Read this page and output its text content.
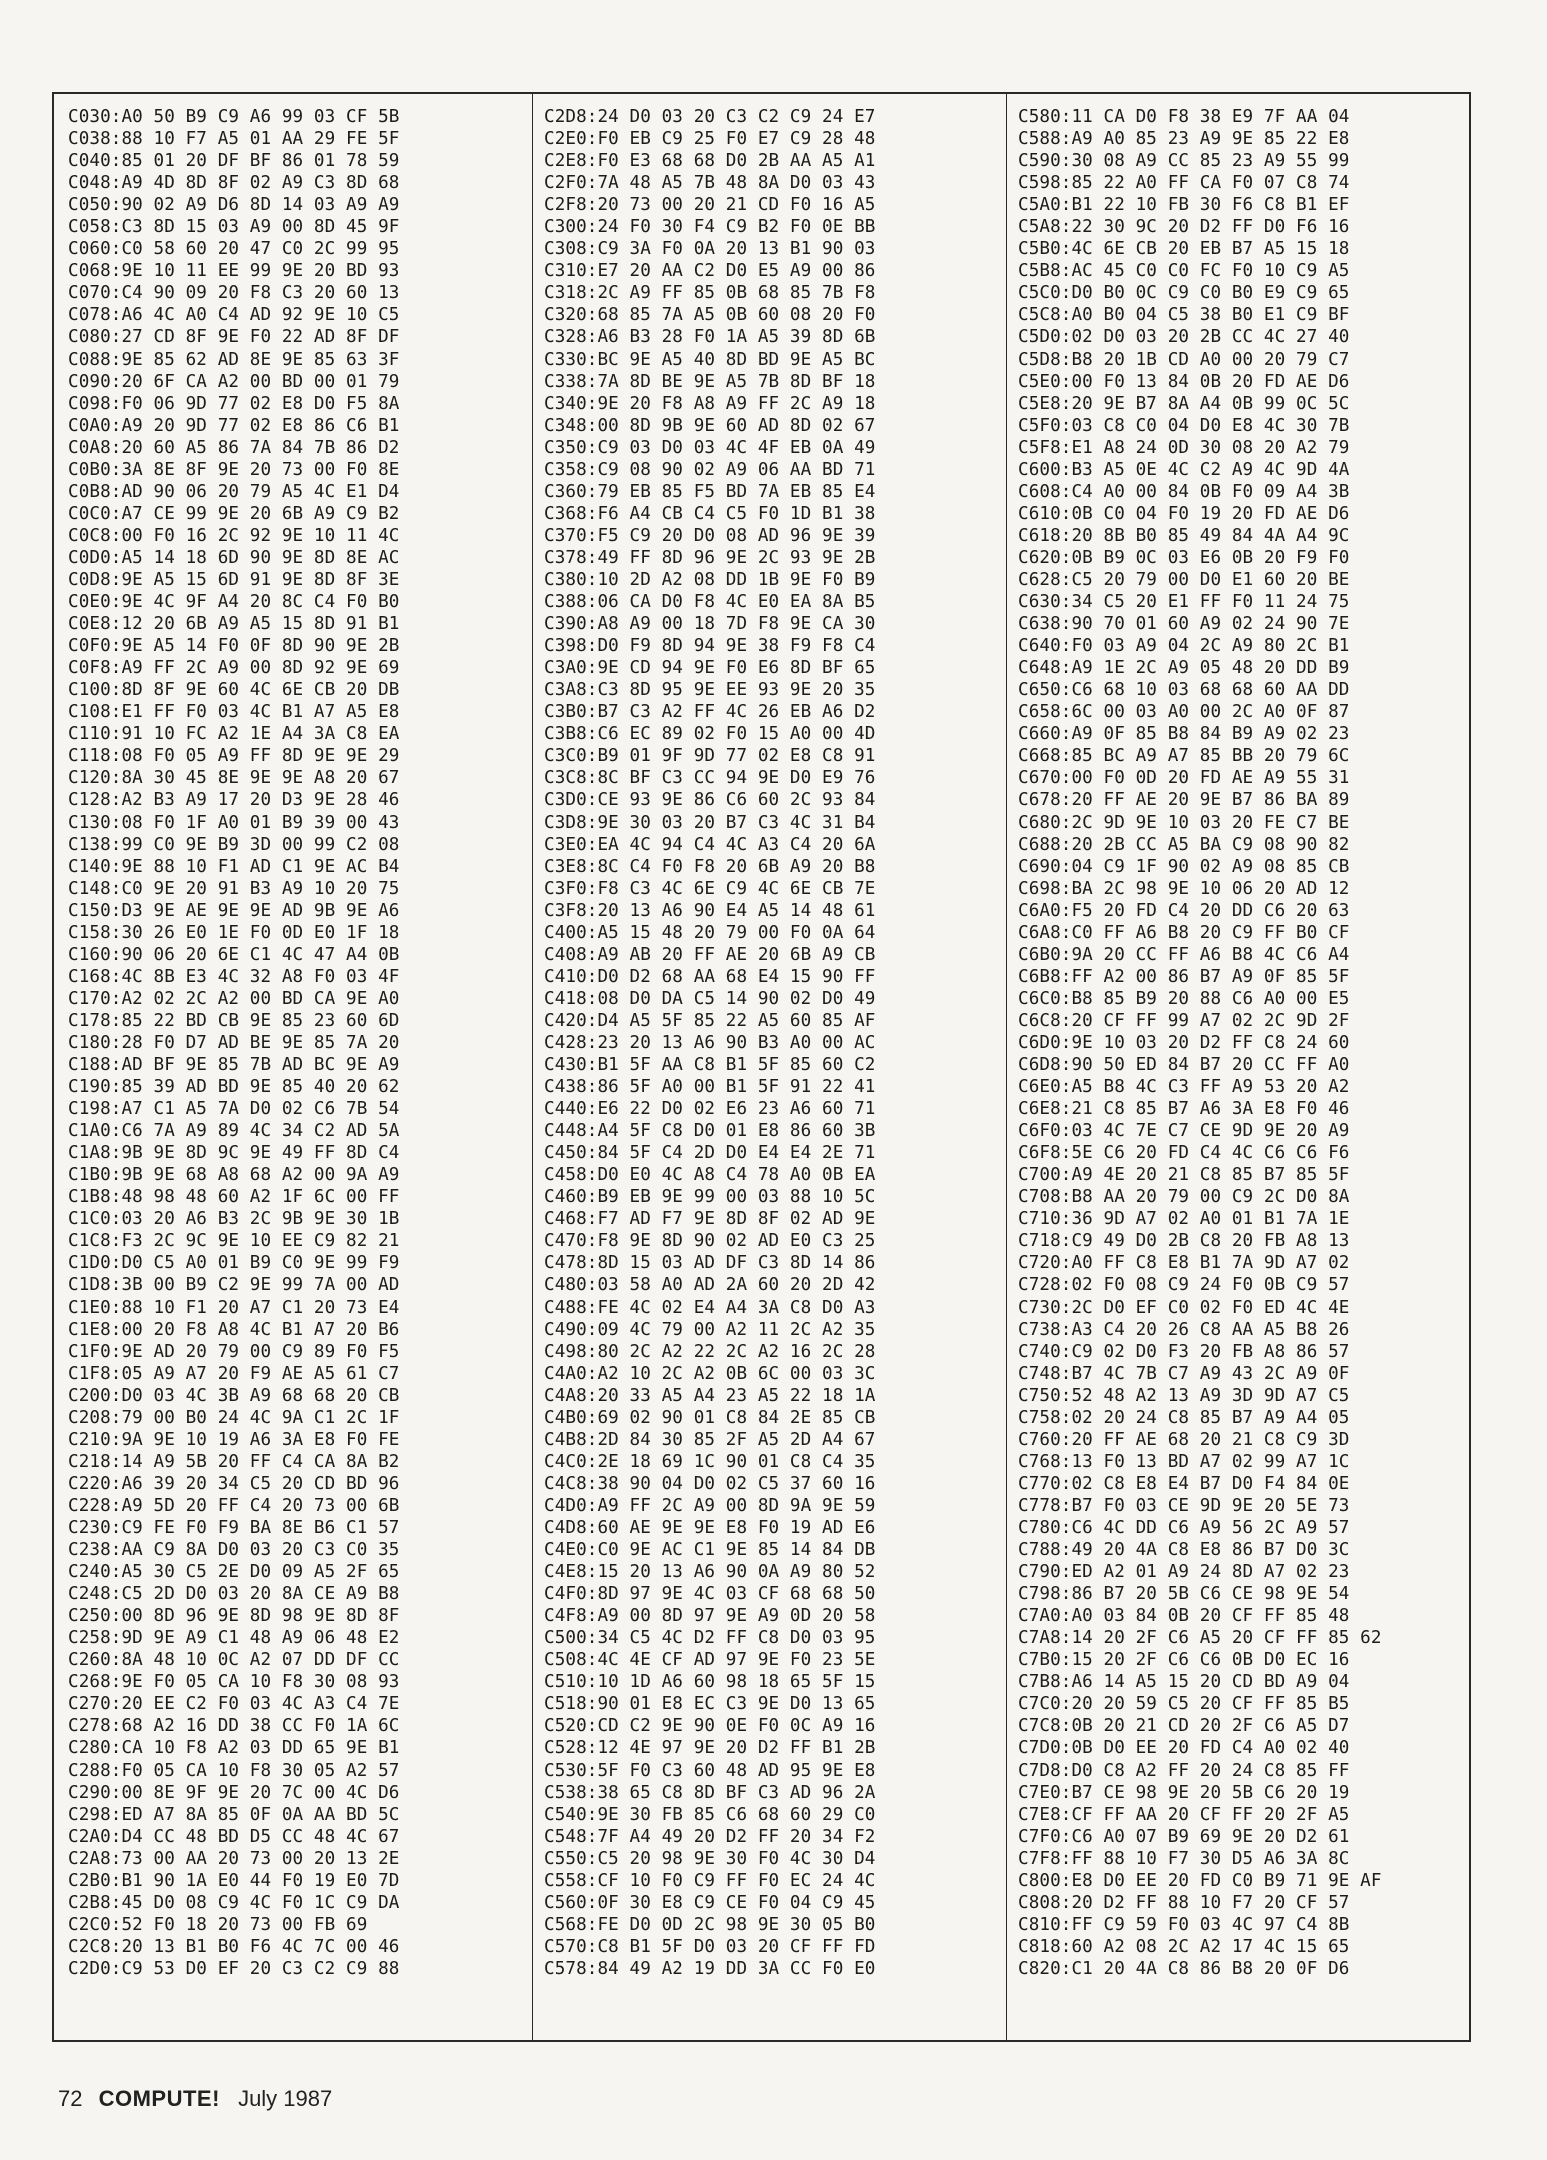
C030:A0 50 B9 C9 A6 99 03 CF 5B
C038:88 10 F7 A5 01 AA 29 FE 5F
C040:85 01 20 DF BF 86 01 78 59
C048:A9 4D 8D 8F 02 A9 C3 8D 68
C050:90 02 A9 D6 8D 14 03 A9 A9
C058:C3 8D 15 03 A9 00 8D 45 9F
C060:C0 58 60 20 47 C0 2C 99 95
C068:9E 10 11 EE 99 9E 20 BD 93
C070:C4 90 09 20 F8 C3 20 60 13
C078:A6 4C A0 C4 AD 92 9E 10 C5
C080:27 CD 8F 9E F0 22 AD 8F DF
C088:9E 85 62 AD 8E 9E 85 63 3F
C090:20 6F CA A2 00 BD 00 01 79
C098:F0 06 9D 77 02 E8 D0 F5 8A
C0A0:A9 20 9D 77 02 E8 86 C6 B1
C0A8:20 60 A5 86 7A 84 7B 86 D2
C0B0:3A 8E 8F 9E 20 73 00 F0 8E
C0B8:AD 90 06 20 79 A5 4C E1 D4
C0C0:A7 CE 99 9E 20 6B A9 C9 B2
C0C8:00 F0 16 2C 92 9E 10 11 4C
C0D0:A5 14 18 6D 90 9E 8D 8E AC
C0D8:9E A5 15 6D 91 9E 8D 8F 3E
C0E0:9E 4C 9F A4 20 8C C4 F0 B0
C0E8:12 20 6B A9 A5 15 8D 91 B1
C0F0:9E A5 14 F0 0F 8D 90 9E 2B
C0F8:A9 FF 2C A9 00 8D 92 9E 69
C100:8D 8F 9E 60 4C 6E CB 20 DB
C108:E1 FF F0 03 4C B1 A7 A5 E8
C110:91 10 FC A2 1E A4 3A C8 EA
C118:08 F0 05 A9 FF 8D 9E 9E 29
C120:8A 30 45 8E 9E 9E A8 20 67
C128:A2 B3 A9 17 20 D3 9E 28 46
C130:08 F0 1F A0 01 B9 39 00 43
C138:99 C0 9E B9 3D 00 99 C2 08
C140:9E 88 10 F1 AD C1 9E AC B4
C148:C0 9E 20 91 B3 A9 10 20 75
C150:D3 9E AE 9E 9E AD 9B 9E A6
C158:30 26 E0 1E F0 0D E0 1F 18
C160:90 06 20 6E C1 4C 47 A4 0B
C168:4C 8B E3 4C 32 A8 F0 03 4F
C170:A2 02 2C A2 00 BD CA 9E A0
C178:85 22 BD CB 9E 85 23 60 6D
C180:28 F0 D7 AD BE 9E 85 7A 20
C188:AD BF 9E 85 7B AD BC 9E A9
C190:85 39 AD BD 9E 85 40 20 62
C198:A7 C1 A5 7A D0 02 C6 7B 54
C1A0:C6 7A A9 89 4C 34 C2 AD 5A
C1A8:9B 9E 8D 9C 9E 49 FF 8D C4
C1B0:9B 9E 68 A8 68 A2 00 9A A9
C1B8:48 98 48 60 A2 1F 6C 00 FF
C1C0:03 20 A6 B3 2C 9B 9E 30 1B
C1C8:F3 2C 9C 9E 10 EE C9 82 21
C1D0:D0 C5 A0 01 B9 C0 9E 99 F9
C1D8:3B 00 B9 C2 9E 99 7A 00 AD
C1E0:88 10 F1 20 A7 C1 20 73 E4
C1E8:00 20 F8 A8 4C B1 A7 20 B6
C1F0:9E AD 20 79 00 C9 89 F0 F5
C1F8:05 A9 A7 20 F9 AE A5 61 C7
C200:D0 03 4C 3B A9 68 68 20 CB
C208:79 00 B0 24 4C 9A C1 2C 1F
C210:9A 9E 10 19 A6 3A E8 F0 FE
C218:14 A9 5B 20 FF C4 CA 8A B2
C220:A6 39 20 34 C5 20 CD BD 96
C228:A9 5D 20 FF C4 20 73 00 6B
C230:C9 FE F0 F9 BA 8E B6 C1 57
C238:AA C9 8A D0 03 20 C3 C0 35
C240:A5 30 C5 2E D0 09 A5 2F 65
C248:C5 2D D0 03 20 8A CE A9 B8
C250:00 8D 96 9E 8D 98 9E 8D 8F
C258:9D 9E A9 C1 48 A9 06 48 E2
C260:8A 48 10 0C A2 07 DD DF CC
C268:9E F0 05 CA 10 F8 30 08 93
C270:20 EE C2 F0 03 4C A3 C4 7E
C278:68 A2 16 DD 38 CC F0 1A 6C
C280:CA 10 F8 A2 03 DD 65 9E B1
C288:F0 05 CA 10 F8 30 05 A2 57
C290:00 8E 9F 9E 20 7C 00 4C D6
C298:ED A7 8A 85 0F 0A AA BD 5C
C2A0:D4 CC 48 BD D5 CC 48 4C 67
C2A8:73 00 AA 20 73 00 20 13 2E
C2B0:B1 90 1A E0 44 F0 19 E0 7D
C2B8:45 D0 08 C9 4C F0 1C C9 DA
C2C0:52 F0 18 20 73 00 FB 69
C2C8:20 13 B1 B0 F6 4C 7C 00 46
C2D0:C9 53 D0 EF 20 C3 C2 C9 88
C2D8:24 D0 03 20 C3 C2 C9 24 E7
C2E0:F0 EB C9 25 F0 E7 C9 28 48
C2E8:F0 E3 68 68 D0 2B AA A5 A1
C2F0:7A 48 A5 7B 48 8A D0 03 43
C2F8:20 73 00 20 21 CD F0 16 A5
C300:24 F0 30 F4 C9 B2 F0 0E BB
C308:C9 3A F0 0A 20 13 B1 90 03
C310:E7 20 AA C2 D0 E5 A9 00 86
C318:2C A9 FF 85 0B 68 85 7B F8
C320:68 85 7A A5 0B 60 08 20 F0
C328:A6 B3 28 F0 1A A5 39 8D 6B
C330:BC 9E A5 40 8D BD 9E A5 BC
C338:7A 8D BE 9E A5 7B 8D BF 18
C340:9E 20 F8 A8 A9 FF 2C A9 18
C348:00 8D 9B 9E 60 AD 8D 02 67
C350:C9 03 D0 03 4C 4F EB 0A 49
C358:C9 08 90 02 A9 06 AA BD 71
C360:79 EB 85 F5 BD 7A EB 85 E4
C368:F6 A4 CB C4 C5 F0 1D B1 38
C370:F5 C9 20 D0 08 AD 96 9E 39
C378:49 FF 8D 96 9E 2C 93 9E 2B
C380:10 2D A2 08 DD 1B 9E F0 B9
C388:06 CA D0 F8 4C E0 EA 8A B5
C390:A8 A9 00 18 7D F8 9E CA 30
C398:D0 F9 8D 94 9E 38 F9 F8 C4
C3A0:9E CD 94 9E F0 E6 8D BF 65
C3A8:C3 8D 95 9E EE 93 9E 20 35
C3B0:B7 C3 A2 FF 4C 26 EB A6 D2
C3B8:C6 EC 89 02 F0 15 A0 00 4D
C3C0:B9 01 9F 9D 77 02 E8 C8 91
C3C8:8C BF C3 CC 94 9E D0 E9 76
C3D0:CE 93 9E 86 C6 60 2C 93 84
C3D8:9E 30 03 20 B7 C3 4C 31 B4
C3E0:EA 4C 94 C4 4C A3 C4 20 6A
C3E8:8C C4 F0 F8 20 6B A9 20 B8
C3F0:F8 C3 4C 6E C9 4C 6E CB 7E
C3F8:20 13 A6 90 E4 A5 14 48 61
C400:A5 15 48 20 79 00 F0 0A 64
C408:A9 AB 20 FF AE 20 6B A9 CB
C410:D0 D2 68 AA 68 E4 15 90 FF
C418:08 D0 DA C5 14 90 02 D0 49
C420:D4 A5 5F 85 22 A5 60 85 AF
C428:23 20 13 A6 90 B3 A0 00 AC
C430:B1 5F AA C8 B1 5F 85 60 C2
C438:86 5F A0 00 B1 5F 91 22 41
C440:E6 22 D0 02 E6 23 A6 60 71
C448:A4 5F C8 D0 01 E8 86 60 3B
C450:84 5F C4 2D D0 E4 E4 2E 71
C458:D0 E0 4C A8 C4 78 A0 0B EA
C460:B9 EB 9E 99 00 03 88 10 5C
C468:F7 AD F7 9E 8D 8F 02 AD 9E
C470:F8 9E 8D 90 02 AD E0 C3 25
C478:8D 15 03 AD DF C3 8D 14 86
C480:03 58 A0 AD 2A 60 20 2D 42
C488:FE 4C 02 E4 A4 3A C8 D0 A3
C490:09 4C 79 00 A2 11 2C A2 35
C498:80 2C A2 22 2C A2 16 2C 28
C4A0:A2 10 2C A2 0B 6C 00 03 3C
C4A8:20 33 A5 A4 23 A5 22 18 1A
C4B0:69 02 90 01 C8 84 2E 85 CB
C4B8:2D 84 30 85 2F A5 2D A4 67
C4C0:2E 18 69 1C 90 01 C8 C4 35
C4C8:38 90 04 D0 02 C5 37 60 16
C4D0:A9 FF 2C A9 00 8D 9A 9E 59
C4D8:60 AE 9E 9E E8 F0 19 AD E6
C4E0:C0 9E AC C1 9E 85 14 84 DB
C4E8:15 20 13 A6 90 0A A9 80 52
C4F0:8D 97 9E 4C 03 CF 68 68 50
C4F8:A9 00 8D 97 9E A9 0D 20 58
C500:34 C5 4C D2 FF C8 D0 03 95
C508:4C 4E CF AD 97 9E F0 23 5E
C510:10 1D A6 60 98 18 65 5F 15
C518:90 01 E8 EC C3 9E D0 13 65
C520:CD C2 9E 90 0E F0 0C A9 16
C528:12 4E 97 9E 20 D2 FF B1 2B
C530:5F F0 C3 60 48 AD 95 9E E8
C538:38 65 C8 8D BF C3 AD 96 2A
C540:9E 30 FB 85 C6 68 60 29 C0
C548:7F A4 49 20 D2 FF 20 34 F2
C550:C5 20 98 9E 30 F0 4C 30 D4
C558:CF 10 F0 C9 FF F0 EC 24 4C
C560:0F 30 E8 C9 CE F0 04 C9 45
C568:FE D0 0D 2C 98 9E 30 05 B0
C570:C8 B1 5F D0 03 20 CF FF FD
C578:84 49 A2 19 DD 3A CC F0 E0
C580:11 CA D0 F8 38 E9 7F AA 04
C588:A9 A0 85 23 A9 9E 85 22 E8
C590:30 08 A9 CC 85 23 A9 55 99
C598:85 22 A0 FF CA F0 07 C8 74
C5A0:B1 22 10 FB 30 F6 C8 B1 EF
C5A8:22 30 9C 20 D2 FF D0 F6 16
C5B0:4C 6E CB 20 EB B7 A5 15 18
C5B8:AC 45 C0 C0 FC F0 10 C9 A5
C5C0:D0 B0 0C C9 C0 B0 E9 C9 65
C5C8:A0 B0 04 C5 38 B0 E1 C9 BF
C5D0:02 D0 03 20 2B CC 4C 27 40
C5D8:B8 20 1B CD A0 00 20 79 C7
C5E0:00 F0 13 84 0B 20 FD AE D6
C5E8:20 9E B7 8A A4 0B 99 0C 5C
C5F0:03 C8 C0 04 D0 E8 4C 30 7B
C5F8:E1 A8 24 0D 30 08 20 A2 79
C600:B3 A5 0E 4C C2 A9 4C 9D 4A
C608:C4 A0 00 84 0B F0 09 A4 3B
C610:0B C0 04 F0 19 20 FD AE D6
C618:20 8B B0 85 49 84 4A A4 9C
C620:0B B9 0C 03 E6 0B 20 F9 F0
C628:C5 20 79 00 D0 E1 60 20 BE
C630:34 C5 20 E1 FF F0 11 24 75
C638:90 70 01 60 A9 02 24 90 7E
C640:F0 03 A9 04 2C A9 80 2C B1
C648:A9 1E 2C A9 05 48 20 DD B9
C650:C6 68 10 03 68 68 60 AA DD
C658:6C 00 03 A0 00 2C A0 0F 87
C660:A9 0F 85 B8 84 B9 A9 02 23
C668:85 BC A9 A7 85 BB 20 79 6C
C670:00 F0 0D 20 FD AE A9 55 31
C678:20 FF AE 20 9E B7 86 BA 89
C680:2C 9D 9E 10 03 20 FE C7 BE
C688:20 2B CC A5 BA C9 08 90 82
C690:04 C9 1F 90 02 A9 08 85 CB
C698:BA 2C 98 9E 10 06 20 AD 12
C6A0:F5 20 FD C4 20 DD C6 20 63
C6A8:C0 FF A6 B8 20 C9 FF B0 CF
C6B0:9A 20 CC FF A6 B8 4C C6 A4
C6B8:FF A2 00 86 B7 A9 0F 85 5F
C6C0:B8 85 B9 20 88 C6 A0 00 E5
C6C8:20 CF FF 99 A7 02 2C 9D 2F
C6D0:9E 10 03 20 D2 FF C8 24 60
C6D8:90 50 ED 84 B7 20 CC FF A0
C6E0:A5 B8 4C C3 FF A9 53 20 A2
C6E8:21 C8 85 B7 A6 3A E8 F0 46
C6F0:03 4C 7E C7 CE 9D 9E 20 A9
C6F8:5E C6 20 FD C4 4C C6 C6 F6
C700:A9 4E 20 21 C8 85 B7 85 5F
C708:B8 AA 20 79 00 C9 2C D0 8A
C710:36 9D A7 02 A0 01 B1 7A 1E
C718:C9 49 D0 2B C8 20 FB A8 13
C720:A0 FF C8 E8 B1 7A 9D A7 02
C728:02 F0 08 C9 24 F0 0B C9 57
C730:2C D0 EF C0 02 F0 ED 4C 4E
C738:A3 C4 20 26 C8 AA A5 B8 26
C740:C9 02 D0 F3 20 FB A8 86 57
C748:B7 4C 7B C7 A9 43 2C A9 0F
C750:52 48 A2 13 A9 3D 9D A7 C5
C758:02 20 24 C8 85 B7 A9 A4 05
C760:20 FF AE 68 20 21 C8 C9 3D
C768:13 F0 13 BD A7 02 99 A7 1C
C770:02 C8 E8 E4 B7 D0 F4 84 0E
C778:B7 F0 03 CE 9D 9E 20 5E 73
C780:C6 4C DD C6 A9 56 2C A9 57
C788:49 20 4A C8 E8 86 B7 D0 3C
C790:ED A2 01 A9 24 8D A7 02 23
C798:86 B7 20 5B C6 CE 98 9E 54
C7A0:A0 03 84 0B 20 CF FF 85 48
C7A8:14 20 2F C6 A5 20 CF FF 85 62
C7B0:15 20 2F C6 C6 0B D0 EC 16
C7B8:A6 14 A5 15 20 CD BD A9 04
C7C0:20 20 59 C5 20 CF FF 85 B5
C7C8:0B 20 21 CD 20 2F C6 A5 D7
C7D0:0B D0 EE 20 FD C4 A0 02 40
C7D8:D0 C8 A2 FF 20 24 C8 85 FF
C7E0:B7 CE 98 9E 20 5B C6 20 19
C7E8:CF FF AA 20 CF FF 20 2F A5
C7F0:C6 A0 07 B9 69 9E 20 D2 61
C7F8:FF 88 10 F7 30 D5 A6 3A 8C
C800:E8 D0 EE 20 FD C0 B9 71 9E AF
C808:20 D2 FF 88 10 F7 20 CF 57
C810:FF C9 59 F0 03 4C 97 C4 8B
C818:60 A2 08 2C A2 17 4C 15 65
C820:C1 20 4A C8 86 B8 20 0F D6
72 COMPUTE! July 1987
